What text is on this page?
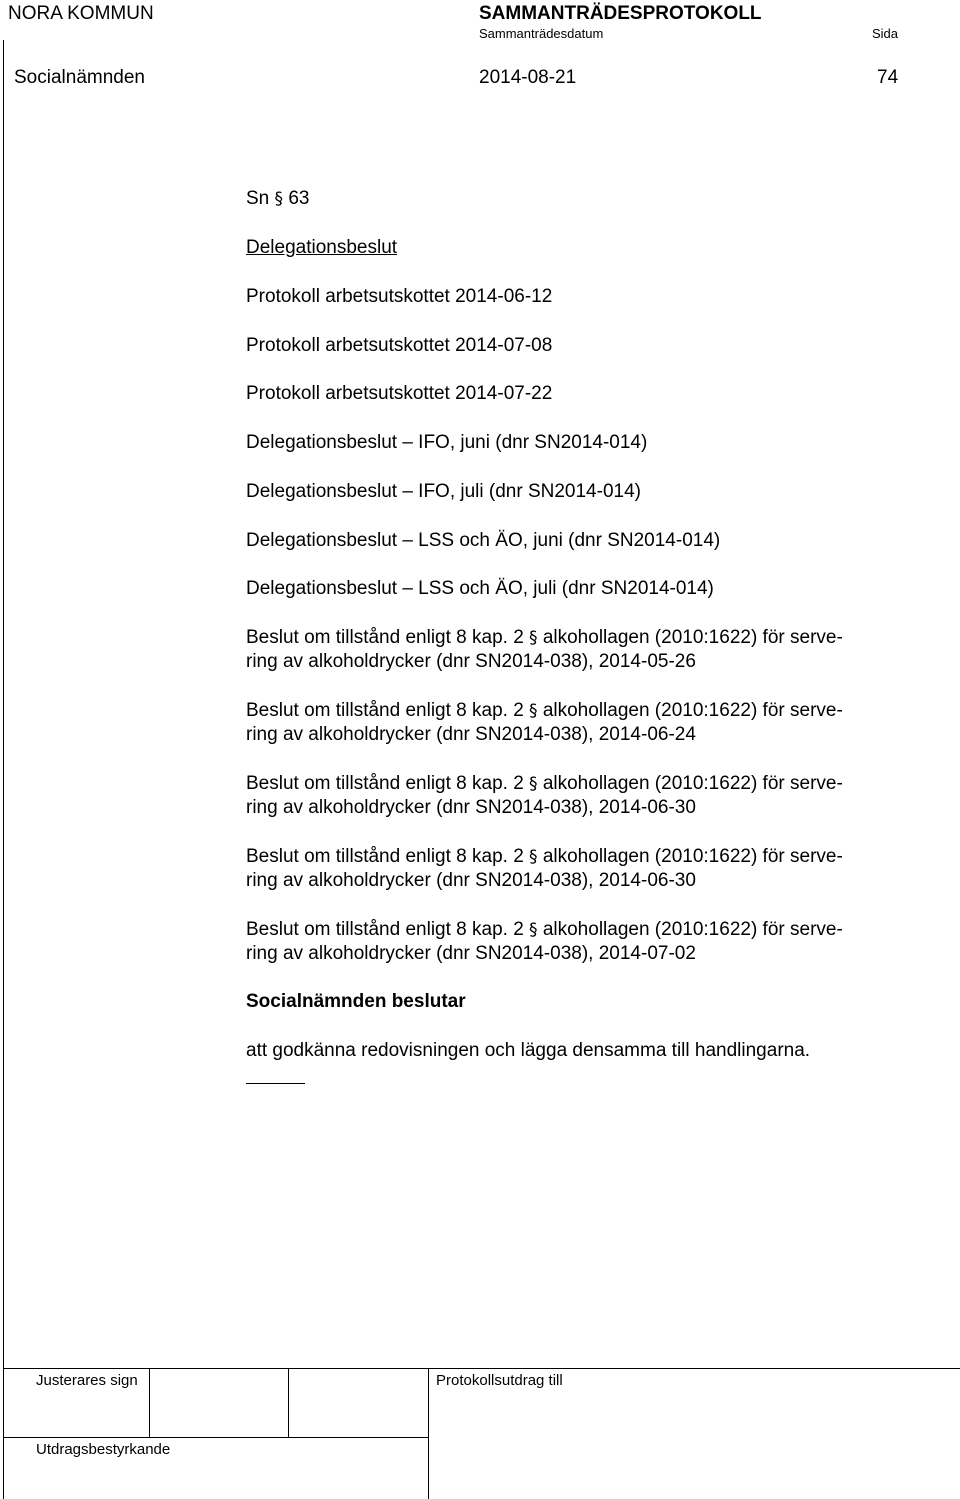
NORA KOMMUN	SAMMANTRÄDESPROTOKOLL
Sammanträdesdatum	Sida
Socialnämnden	2014-08-21	74
Sn § 63
Delegationsbeslut
Protokoll arbetsutskottet 2014-06-12
Protokoll arbetsutskottet 2014-07-08
Protokoll arbetsutskottet 2014-07-22
Delegationsbeslut – IFO, juni (dnr SN2014-014)
Delegationsbeslut – IFO, juli (dnr SN2014-014)
Delegationsbeslut – LSS och ÄO, juni (dnr SN2014-014)
Delegationsbeslut – LSS och ÄO, juli (dnr SN2014-014)
Beslut om tillstånd enligt 8 kap. 2 § alkohollagen (2010:1622) för serve-
ring av alkoholdrycker (dnr SN2014-038), 2014-05-26
Beslut om tillstånd enligt 8 kap. 2 § alkohollagen (2010:1622) för serve-
ring av alkoholdrycker (dnr SN2014-038), 2014-06-24
Beslut om tillstånd enligt 8 kap. 2 § alkohollagen (2010:1622) för serve-
ring av alkoholdrycker (dnr SN2014-038), 2014-06-30
Beslut om tillstånd enligt 8 kap. 2 § alkohollagen (2010:1622) för serve-
ring av alkoholdrycker (dnr SN2014-038), 2014-06-30
Beslut om tillstånd enligt 8 kap. 2 § alkohollagen (2010:1622) för serve-
ring av alkoholdrycker (dnr SN2014-038), 2014-07-02
Socialnämnden beslutar
att godkänna redovisningen och lägga densamma till handlingarna.
Justerares sign	Protokollsutdrag till
Utdragsbestyrkande
